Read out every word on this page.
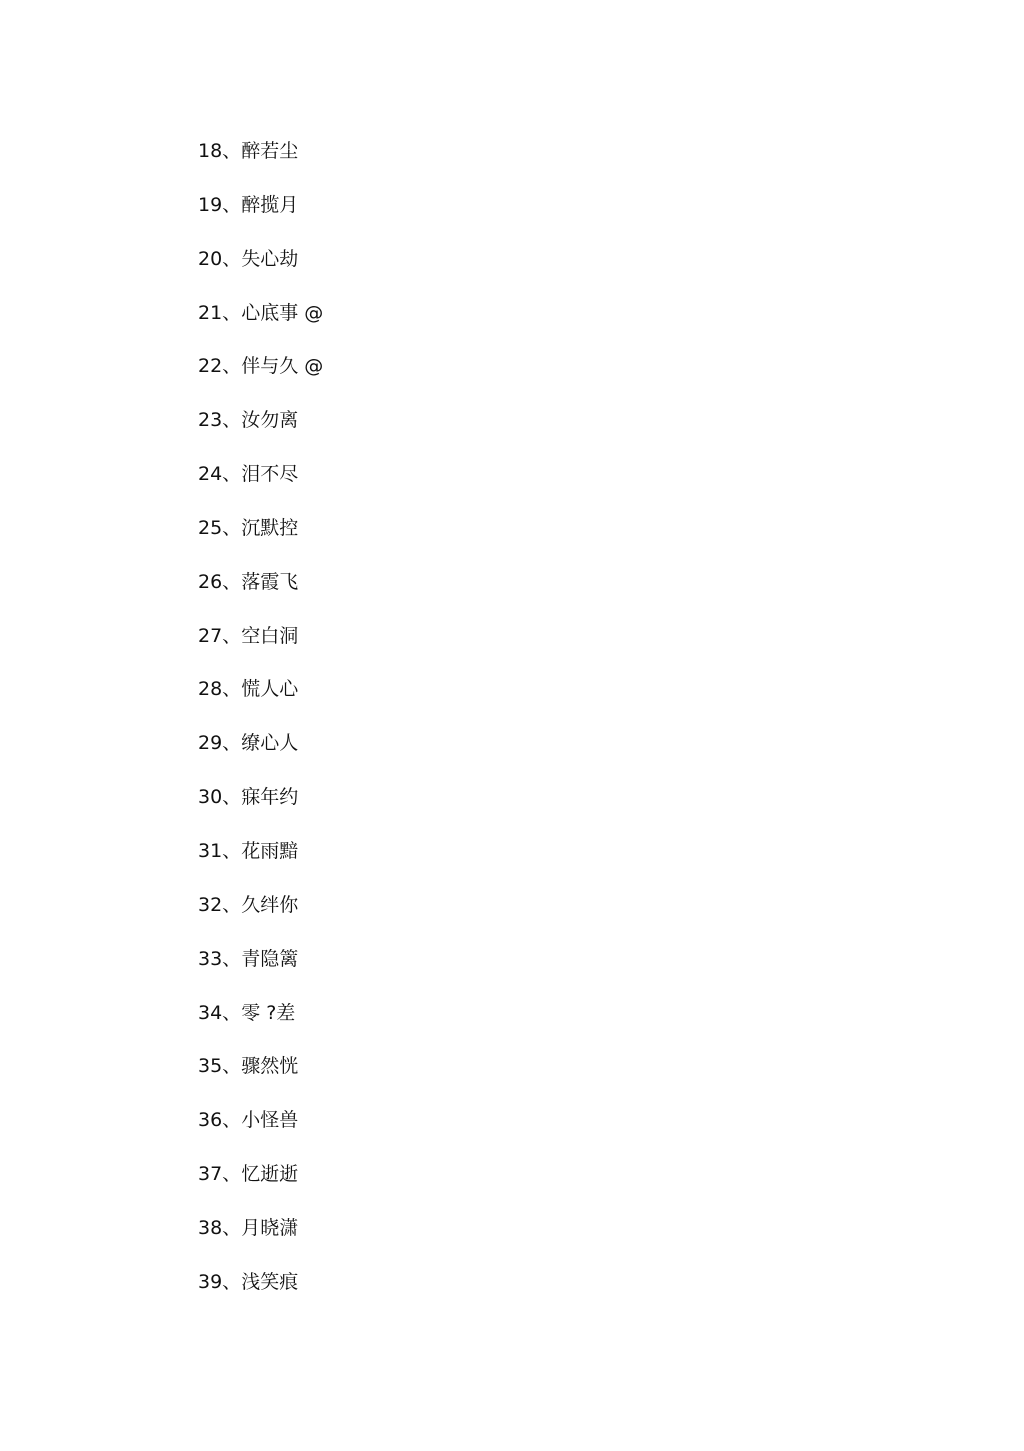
18、醉若尘
19、醉揽月
20、失心劫
21、心底事 @
22、伴与久 @
23、汝勿离
24、泪不尽
25、沉默控
26、落霞飞
27、空白洞
28、慌人心
29、缭心人
30、寐年约
31、花雨黯
32、久绊你
33、青隐篱
34、零 ?差
35、骤然恍
36、小怪兽
37、忆逝逝
38、月晓潇
39、浅笑痕
